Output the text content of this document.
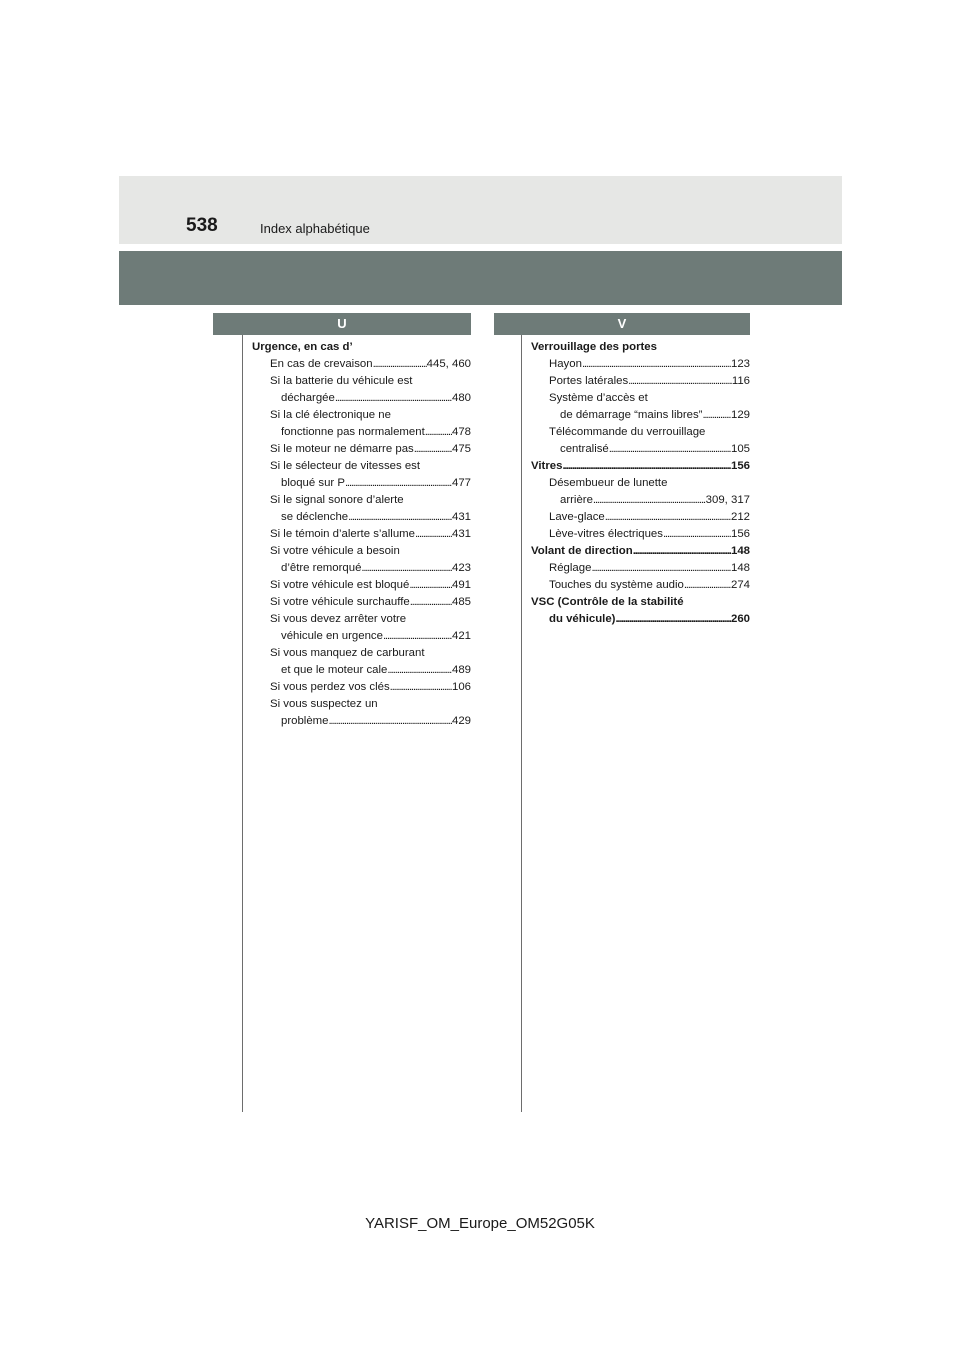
538	Index alphabétique
U	V
Urgence, en cas d’
En cas de crevaison . . .	445, 460
Si la batterie du véhicule est
déchargée . . .	480
Si la clé électronique ne
fonctionne pas normalement . . . 478
Si le moteur ne démarre pas . . .	475
Si le sélecteur de vitesses est
bloqué sur P . . .	477
Si le signal sonore d’alerte
se déclenche . . .	431
Si le témoin d’alerte s’allume . . .	431
Si votre véhicule a besoin
d’être remorqué . . .	423
Si votre véhicule est bloqué . . .	491
Si votre véhicule surchauffe . . .	485
Si vous devez arrêter votre
véhicule en urgence . . .	421
Si vous manquez de carburant
et que le moteur cale . . .	489
Si vous perdez vos clés . . .	106
Si vous suspectez un
problème . . .	429
Verrouillage des portes
Hayon . . .	123
Portes latérales . . .	116
Système d’accès et
de démarrage “mains libres” . . .	129
Télécommande du verrouillage
centralisé . . .	105
Vitres . . .	156
Désembueur de lunette
arrière . . .	309, 317
Lave-glace . . .	212
Lève-vitres électriques . . .	156
Volant de direction . . .	148
Réglage . . .	148
Touches du système audio . . .	274
VSC (Contrôle de la stabilité
du véhicule) . . .	260
YARISF_OM_Europe_OM52G05K
